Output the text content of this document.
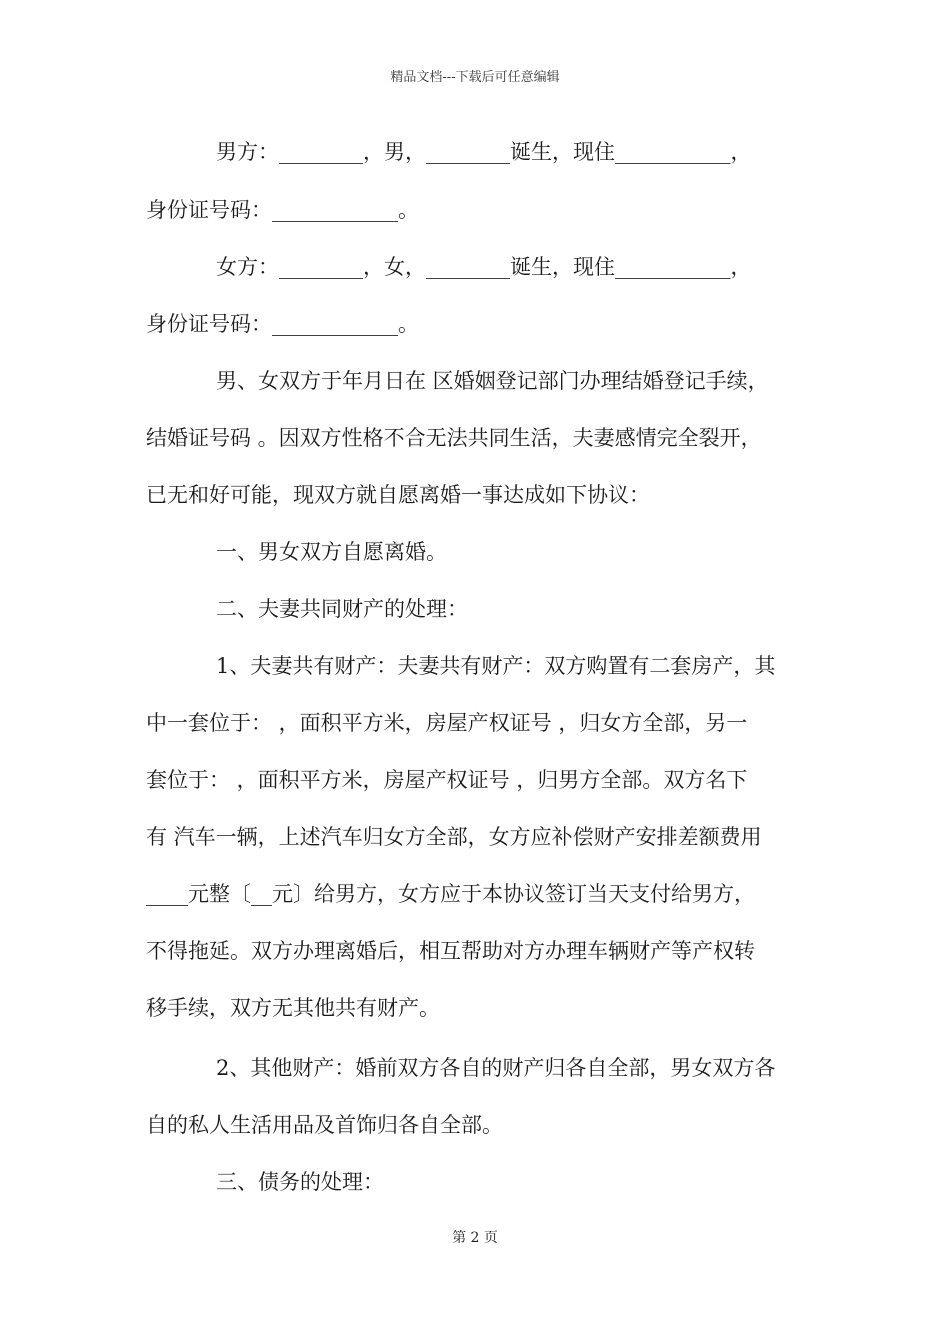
精品文档---下载后可任意编辑
男方：________，男，________诞生，现住___________，
身份证号码：____________。
女方：________，女，________诞生，现住___________，
身份证号码：____________。
男、女双方于年月日在 区婚姻登记部门办理结婚登记手续，
结婚证号码 。因双方性格不合无法共同生活，夫妻感情完全裂开，
已无和好可能，现双方就自愿离婚一事达成如下协议：
一、男女双方自愿离婚。
二、夫妻共同财产的处理：
1、夫妻共有财产：夫妻共有财产：双方购置有二套房产，其
中一套位于： ，面积平方米，房屋产权证号 ，归女方全部，另一
套位于： ，面积平方米，房屋产权证号 ，归男方全部。双方名下
有 汽车一辆，上述汽车归女方全部，女方应补偿财产安排差额费用
____元整〔__元〕给男方，女方应于本协议签订当天支付给男方，
不得拖延。双方办理离婚后，相互帮助对方办理车辆财产等产权转
移手续，双方无其他共有财产。
2、其他财产：婚前双方各自的财产归各自全部，男女双方各
自的私人生活用品及首饰归各自全部。
三、债务的处理：
第 2 页
